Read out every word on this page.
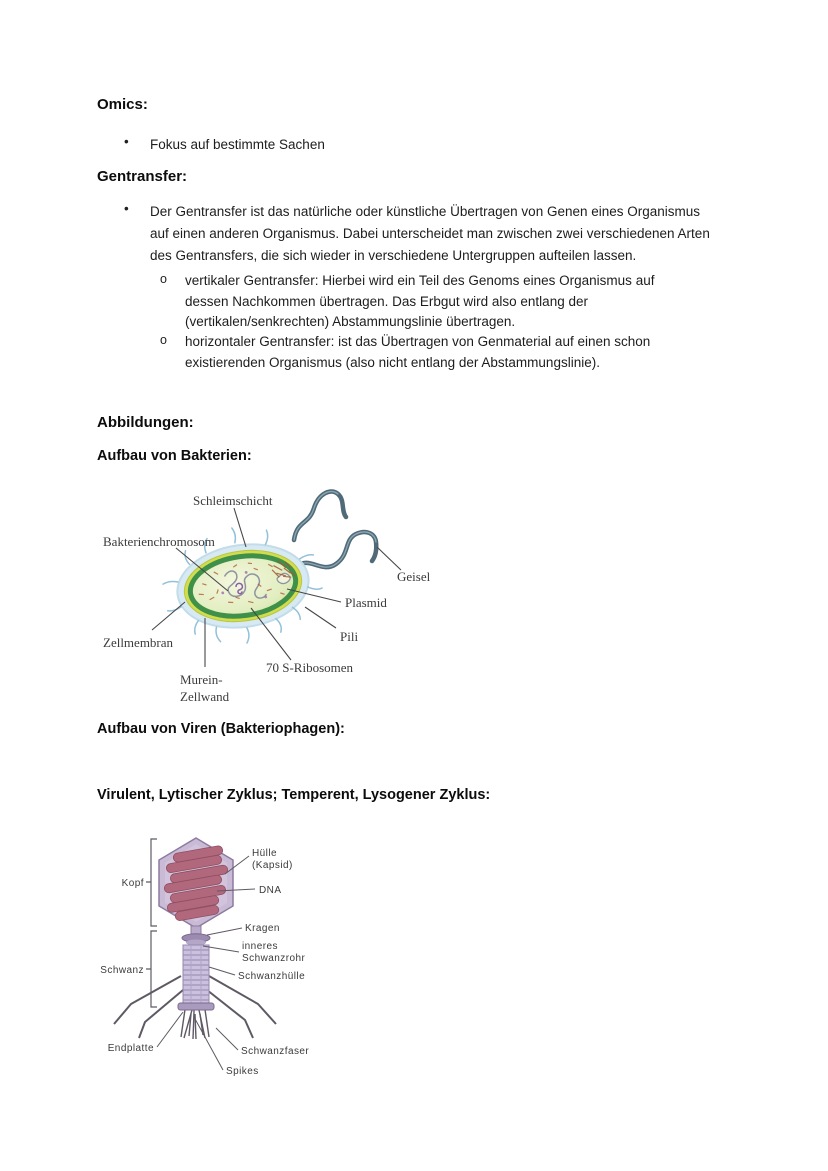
Omics:
• Fokus auf bestimmte Sachen
Gentransfer:
• Der Gentransfer ist das natürliche oder künstliche Übertragen von Genen eines Organismus
auf einen anderen Organismus. Dabei unterscheidet man zwischen zwei verschiedenen Arten
des Gentransfers, die sich wieder in verschiedene Untergruppen aufteilen lassen.
o vertikaler Gentransfer: Hierbei wird ein Teil des Genoms eines Organismus auf
dessen Nachkommen übertragen. Das Erbgut wird also entlang der
(vertikalen/senkrechten) Abstammungslinie übertragen.
o horizontaler Gentransfer: ist das Übertragen von Genmaterial auf einen schon
existierenden Organismus (also nicht entlang der Abstammungslinie).
Abbildungen:
Aufbau von Bakterien:
Schleimschicht
Bakterienchromosom
Geisel
Plasmid
Pili
70 S-Ribosomen
Zellmembran
Murein-
Zellwand
Aufbau von Viren (Bakteriophagen):
Virulent, Lytischer Zyklus; Temperent, Lysogener Zyklus:
Hülle
(Kapsid)
DNA
Kragen
inneres
Schwanzrohr
Schwanzhülle
Kopf
Schwanz
Endplatte	Schwanzfaser
Spikes
